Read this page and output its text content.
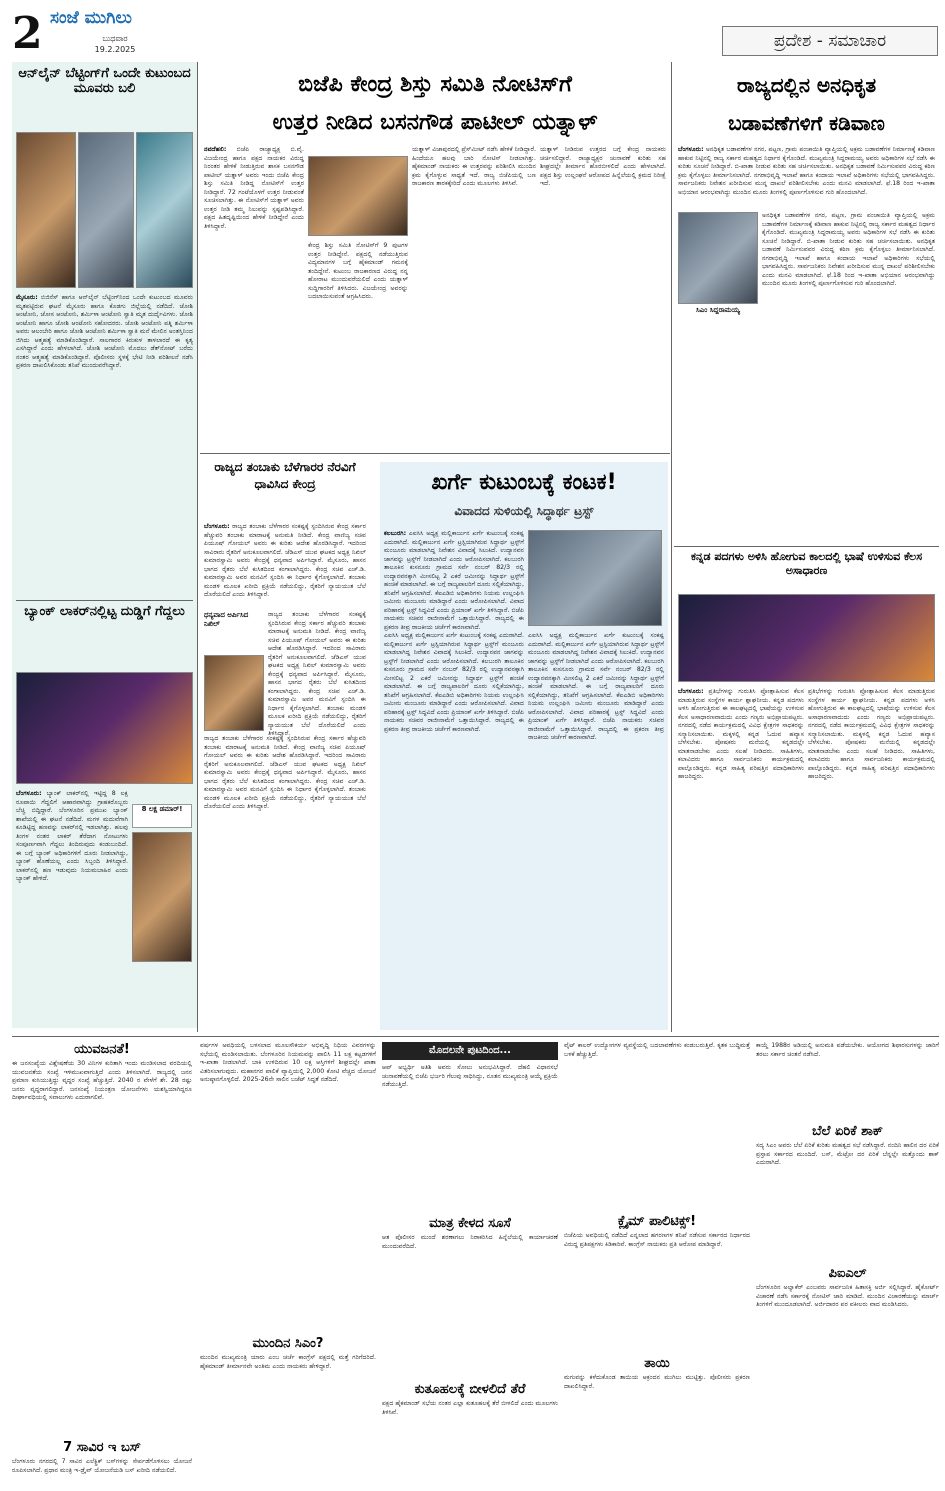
2 ಸಂಜೆ ಮುಗಿಲು
ಬುಧವಾರ
19.2.2025	ಪ್ರದೇಶ - ಸಮಾಚಾರ
ಆನ್‌ಲೈನ್ ಬೆಟ್ಟಿಂಗ್‌ಗೆ ಒಂದೇ ಕುಟುಂಬದ ಮೂವರು ಬಲಿ
ಮೈಸೂರು: ಬಿಜಿನೆಸ್ ಹಾಗೂ ಆನ್‌ಲೈನ್ ಬೆಟ್ಟಿಂಗ್‌ನಿಂದ ಒಂದೇ ಕುಟುಂಬದ ಮೂವರು ಮೃತಪಟ್ಟಿರುವ ಘಟನೆ ಮೈಸೂರು ಹಾಗೂ ಕೊಡಗು ಜಿಲ್ಲೆಯಲ್ಲಿ ನಡೆದಿದೆ. ಜೋಶಿ ಆಂಟೋನಿ, ಜೋಸ ಆಂಟೋನಿ, ಶರ್ಮಿಳಾ ಆಂಟೋನಿ ಸ್ವಾತಿ ಮೃತ ದುರ್ದೈವಿಗಳು. ಜೋಶಿ ಆಂಟೋನಿ ಹಾಗೂ ಜೋಶಿ ಆಂಟೋನಿ ಸಹೋದರರು. ಜೋಶಿ ಆಂಟೋನಿ ಪತ್ನಿ ಶರ್ಮಿಳಾ ಅವರು ಆಲಂಬೇರಿ ಹಾಗೂ ಜೋಶಿ ಆಂಟೋನಿ ಶರ್ಮಿಳಾ ಸ್ವಾತಿ ಮನೆ ಮೇಲಿನ ಅಂತಸ್ತಿನಿಂದ ಜಿಗಿದು ಆತ್ಮಹತ್ಯೆ ಮಾಡಿಕೊಂಡಿದ್ದಾರೆ. ಸಾಲಗಾರರ ಕಿರುಕುಳ ತಾಳಲಾರದೆ ಈ ಕೃತ್ಯ ಎಸಗಿದ್ದಾರೆ ಎಂದು ಹೇಳಲಾಗಿದೆ. ಜೋಶಿ ಆಂಟೋನಿ ಮೊದಲು ಡೆತ್‌ನೋಟ್ ಬರೆದು ನಂತರ ಆತ್ಮಹತ್ಯೆ ಮಾಡಿಕೊಂಡಿದ್ದಾರೆ. ಪೊಲೀಸರು ಸ್ಥಳಕ್ಕೆ ಭೇಟಿ ನೀಡಿ ಪರಿಶೀಲನೆ ನಡೆಸಿ ಪ್ರಕರಣ ದಾಖಲಿಸಿಕೊಂಡು ತನಿಖೆ ಮುಂದುವರೆಸಿದ್ದಾರೆ.
ಬ್ಯಾಂಕ್ ಲಾಕರ್‌ನಲ್ಲಿಟ್ಟ ದುಡ್ಡಿಗೆ ಗೆದ್ದಲು
ಬೆಂಗಳೂರು: ಬ್ಯಾಂಕ್ ಲಾಕರ್‌ನಲ್ಲಿ ಇಟ್ಟಿದ್ದ 8 ಲಕ್ಷ ರೂಪಾಯಿ ಗೆದ್ದಲಿಗೆ ಆಹಾರವಾಗಿದ್ದು ಗ್ರಾಹಕರೊಬ್ಬರು ಬೆಚ್ಚಿ ಬಿದ್ದಿದ್ದಾರೆ. ಬೆಂಗಳೂರಿನ ಪ್ರಮುಖ ಬ್ಯಾಂಕ್ ಶಾಖೆಯಲ್ಲಿ ಈ ಘಟನೆ ನಡೆದಿದೆ. ಮಗಳ ಮದುವೆಗಾಗಿ ಕೂಡಿಟ್ಟಿದ್ದ ಹಣವನ್ನು ಲಾಕರ್‌ನಲ್ಲಿ ಇಡಲಾಗಿತ್ತು. ಹಲವು ತಿಂಗಳ ನಂತರ ಲಾಕರ್ ತೆರೆದಾಗ ನೋಟುಗಳು ಸಂಪೂರ್ಣವಾಗಿ ಗೆದ್ದಲು ತಿಂದಿರುವುದು ಕಂಡುಬಂದಿದೆ. ಈ ಬಗ್ಗೆ ಬ್ಯಾಂಕ್ ಅಧಿಕಾರಿಗಳಿಗೆ ದೂರು ನೀಡಲಾಗಿದ್ದು, ಬ್ಯಾಂಕ್ ಹೊಣೆಯಲ್ಲ ಎಂದು ಸಿಬ್ಬಂದಿ ತಿಳಿಸಿದ್ದಾರೆ. ಲಾಕರ್‌ನಲ್ಲಿ ಹಣ ಇಡುವುದು ನಿಯಮಬಾಹಿರ ಎಂದು ಬ್ಯಾಂಕ್ ಹೇಳಿದೆ.
8 ಲಕ್ಷ ಡಮಾರ್!
ಬಿಜೆಪಿ ಕೇಂದ್ರ ಶಿಸ್ತು ಸಮಿತಿ ನೋಟಿಸ್‌ಗೆ
ಉತ್ತರ ನೀಡಿದ ಬಸನಗೌಡ ಪಾಟೀಲ್ ಯತ್ನಾಳ್
ನವದೆಹಲಿ: ಬಿಜೆಪಿ ರಾಜ್ಯಾಧ್ಯಕ್ಷ ಬಿ.ವೈ. ವಿಜಯೇಂದ್ರ ಹಾಗೂ ಪಕ್ಷದ ನಾಯಕರ ವಿರುದ್ಧ ನಿರಂತರ ಹೇಳಿಕೆ ನೀಡುತ್ತಿರುವ ಶಾಸಕ ಬಸನಗೌಡ ಪಾಟೀಲ್ ಯತ್ನಾಳ್ ಅವರು ಇಂದು ಬಿಜೆಪಿ ಕೇಂದ್ರ ಶಿಸ್ತು ಸಮಿತಿ ನೀಡಿದ್ದ ನೋಟಿಸ್‌ಗೆ ಉತ್ತರ ನೀಡಿದ್ದಾರೆ. 72 ಗಂಟೆಯೊಳಗೆ ಉತ್ತರ ನೀಡುವಂತೆ ಸೂಚಿಸಲಾಗಿತ್ತು. ಈ ನೋಟಿಸ್‌ಗೆ ಯತ್ನಾಳ್ ಅವರು ಉತ್ತರ ನೀಡಿ ತಮ್ಮ ನಿಲುವನ್ನು ಸ್ಪಷ್ಟಪಡಿಸಿದ್ದಾರೆ. ಪಕ್ಷದ ಹಿತದೃಷ್ಟಿಯಿಂದ ಹೇಳಿಕೆ ನೀಡಿದ್ದೇನೆ ಎಂದು ತಿಳಿಸಿದ್ದಾರೆ.
ಕೇಂದ್ರ ಶಿಸ್ತು ಸಮಿತಿ ನೋಟಿಸ್‌ಗೆ 9 ಪುಟಗಳ ಉತ್ತರ ನೀಡಿದ್ದೇನೆ. ಪಕ್ಷದಲ್ಲಿ ನಡೆಯುತ್ತಿರುವ ವಿದ್ಯಮಾನಗಳ ಬಗ್ಗೆ ಹೈಕಮಾಂಡ್ ಗಮನಕ್ಕೆ ತಂದಿದ್ದೇನೆ. ಕುಟುಂಬ ರಾಜಕಾರಣದ ವಿರುದ್ಧ ನನ್ನ ಹೋರಾಟ ಮುಂದುವರೆಯಲಿದೆ ಎಂದು ಯತ್ನಾಳ್ ಸುದ್ದಿಗಾರರಿಗೆ ತಿಳಿಸಿದರು. ವಿಜಯೇಂದ್ರ ಅವರನ್ನು ಬದಲಾಯಿಸುವಂತೆ ಆಗ್ರಹಿಸಿದರು.
ಯತ್ನಾಳ್ ವಿಜಾಪುರದಲ್ಲಿ ಪ್ರೆಸ್‌ಮೀಟ್ ನಡೆಸಿ ಹೇಳಿಕೆ ನೀಡಿದ್ದಾರೆ. ಹಿಂದೆಯೂ ಹಲವು ಬಾರಿ ನೋಟಿಸ್ ನೀಡಲಾಗಿತ್ತು. ಹೈಕಮಾಂಡ್ ನಾಯಕರು ಈ ಉತ್ತರವನ್ನು ಪರಿಶೀಲಿಸಿ ಮುಂದಿನ ಕ್ರಮ ಕೈಗೊಳ್ಳುವ ಸಾಧ್ಯತೆ ಇದೆ. ರಾಜ್ಯ ಬಿಜೆಪಿಯಲ್ಲಿ ಬಣ ರಾಜಕಾರಣ ತಾರಕಕ್ಕೇರಿದೆ ಎಂದು ಮೂಲಗಳು ತಿಳಿಸಿವೆ.
ಯತ್ನಾಳ್ ನೀಡಿರುವ ಉತ್ತರದ ಬಗ್ಗೆ ಕೇಂದ್ರ ನಾಯಕರು ಚರ್ಚಿಸಲಿದ್ದಾರೆ. ರಾಜ್ಯಾಧ್ಯಕ್ಷರ ಚುನಾವಣೆ ಕುರಿತು ಸಹ ಶೀಘ್ರದಲ್ಲೇ ತೀರ್ಮಾನ ಹೊರಬೀಳಲಿದೆ ಎಂದು ಹೇಳಲಾಗಿದೆ. ಪಕ್ಷದ ಶಿಸ್ತು ಉಲ್ಲಂಘನೆ ಆರೋಪದ ಹಿನ್ನೆಲೆಯಲ್ಲಿ ಕ್ರಮದ ನಿರೀಕ್ಷೆ ಇದೆ.
ರಾಜ್ಯದಲ್ಲಿನ ಅನಧಿಕೃತ
ಬಡಾವಣೆಗಳಿಗೆ ಕಡಿವಾಣ
ಸಿಎಂ ಸಿದ್ದರಾಮಯ್ಯ
ಬೆಂಗಳೂರು: ಅನಧಿಕೃತ ಬಡಾವಣೆಗಳ ನಗರ, ಪಟ್ಟಣ, ಗ್ರಾಮ ಪಂಚಾಯಿತಿ ವ್ಯಾಪ್ತಿಯಲ್ಲಿ ಅಕ್ರಮ ಬಡಾವಣೆಗಳ ನಿರ್ಮಾಣಕ್ಕೆ ಕಡಿವಾಣ ಹಾಕುವ ನಿಟ್ಟಿನಲ್ಲಿ ರಾಜ್ಯ ಸರ್ಕಾರ ಮಹತ್ವದ ನಿರ್ಧಾರ ಕೈಗೊಂಡಿದೆ. ಮುಖ್ಯಮಂತ್ರಿ ಸಿದ್ದರಾಮಯ್ಯ ಅವರು ಅಧಿಕಾರಿಗಳ ಸಭೆ ನಡೆಸಿ ಈ ಕುರಿತು ಸೂಚನೆ ನೀಡಿದ್ದಾರೆ. ಬಿ-ಖಾತಾ ನೀಡುವ ಕುರಿತು ಸಹ ಚರ್ಚಿಸಲಾಯಿತು. ಅನಧಿಕೃತ ಬಡಾವಣೆ ನಿರ್ಮಿಸುವವರ ವಿರುದ್ಧ ಕಠಿಣ ಕ್ರಮ ಕೈಗೊಳ್ಳಲು ತೀರ್ಮಾನಿಸಲಾಗಿದೆ. ನಗರಾಭಿವೃದ್ಧಿ ಇಲಾಖೆ ಹಾಗೂ ಕಂದಾಯ ಇಲಾಖೆ ಅಧಿಕಾರಿಗಳು ಸಭೆಯಲ್ಲಿ ಭಾಗವಹಿಸಿದ್ದರು. ಸಾರ್ವಜನಿಕರು ನಿವೇಶನ ಖರೀದಿಸುವ ಮುನ್ನ ದಾಖಲೆ ಪರಿಶೀಲಿಸಬೇಕು ಎಂದು ಮನವಿ ಮಾಡಲಾಗಿದೆ. ಫೆ.18 ರಿಂದ ಇ-ಖಾತಾ ಅಭಿಯಾನ ಆರಂಭವಾಗಿದ್ದು ಮುಂದಿನ ಮೂರು ತಿಂಗಳಲ್ಲಿ ಪೂರ್ಣಗೊಳಿಸುವ ಗುರಿ ಹೊಂದಲಾಗಿದೆ.
ಅನಧಿಕೃತ ಬಡಾವಣೆಗಳ ನಗರ, ಪಟ್ಟಣ, ಗ್ರಾಮ ಪಂಚಾಯಿತಿ ವ್ಯಾಪ್ತಿಯಲ್ಲಿ ಅಕ್ರಮ ಬಡಾವಣೆಗಳ ನಿರ್ಮಾಣಕ್ಕೆ ಕಡಿವಾಣ ಹಾಕುವ ನಿಟ್ಟಿನಲ್ಲಿ ರಾಜ್ಯ ಸರ್ಕಾರ ಮಹತ್ವದ ನಿರ್ಧಾರ ಕೈಗೊಂಡಿದೆ. ಮುಖ್ಯಮಂತ್ರಿ ಸಿದ್ದರಾಮಯ್ಯ ಅವರು ಅಧಿಕಾರಿಗಳ ಸಭೆ ನಡೆಸಿ ಈ ಕುರಿತು ಸೂಚನೆ ನೀಡಿದ್ದಾರೆ. ಬಿ-ಖಾತಾ ನೀಡುವ ಕುರಿತು ಸಹ ಚರ್ಚಿಸಲಾಯಿತು. ಅನಧಿಕೃತ ಬಡಾವಣೆ ನಿರ್ಮಿಸುವವರ ವಿರುದ್ಧ ಕಠಿಣ ಕ್ರಮ ಕೈಗೊಳ್ಳಲು ತೀರ್ಮಾನಿಸಲಾಗಿದೆ. ನಗರಾಭಿವೃದ್ಧಿ ಇಲಾಖೆ ಹಾಗೂ ಕಂದಾಯ ಇಲಾಖೆ ಅಧಿಕಾರಿಗಳು ಸಭೆಯಲ್ಲಿ ಭಾಗವಹಿಸಿದ್ದರು. ಸಾರ್ವಜನಿಕರು ನಿವೇಶನ ಖರೀದಿಸುವ ಮುನ್ನ ದಾಖಲೆ ಪರಿಶೀಲಿಸಬೇಕು ಎಂದು ಮನವಿ ಮಾಡಲಾಗಿದೆ. ಫೆ.18 ರಿಂದ ಇ-ಖಾತಾ ಅಭಿಯಾನ ಆರಂಭವಾಗಿದ್ದು ಮುಂದಿನ ಮೂರು ತಿಂಗಳಲ್ಲಿ ಪೂರ್ಣಗೊಳಿಸುವ ಗುರಿ ಹೊಂದಲಾಗಿದೆ.
ರಾಜ್ಯದ ತಂಬಾಕು ಬೆಳೆಗಾರರ ನೆರವಿಗೆ ಧಾವಿಸಿದ ಕೇಂದ್ರ
ಧನ್ಯವಾದ ಅರ್ಪಿಸಿದ ನಿಖಿಲ್
ಬೆಂಗಳೂರು: ರಾಜ್ಯದ ತಂಬಾಕು ಬೆಳೆಗಾರರ ಸಂಕಷ್ಟಕ್ಕೆ ಸ್ಪಂದಿಸಿರುವ ಕೇಂದ್ರ ಸರ್ಕಾರ ಹೆಚ್ಚುವರಿ ತಂಬಾಕು ಮಾರಾಟಕ್ಕೆ ಅನುಮತಿ ನೀಡಿದೆ. ಕೇಂದ್ರ ವಾಣಿಜ್ಯ ಸಚಿವ ಪಿಯೂಷ್ ಗೋಯಲ್ ಅವರು ಈ ಕುರಿತು ಆದೇಶ ಹೊರಡಿಸಿದ್ದಾರೆ. ಇದರಿಂದ ಸಾವಿರಾರು ರೈತರಿಗೆ ಅನುಕೂಲವಾಗಲಿದೆ. ಜೆಡಿಎಸ್ ಯುವ ಘಟಕದ ಅಧ್ಯಕ್ಷ ನಿಖಿಲ್ ಕುಮಾರಸ್ವಾಮಿ ಅವರು ಕೇಂದ್ರಕ್ಕೆ ಧನ್ಯವಾದ ಅರ್ಪಿಸಿದ್ದಾರೆ. ಮೈಸೂರು, ಹಾಸನ ಭಾಗದ ರೈತರು ಬೆಲೆ ಕುಸಿತದಿಂದ ಕಂಗಾಲಾಗಿದ್ದರು. ಕೇಂದ್ರ ಸಚಿವ ಎಚ್.ಡಿ. ಕುಮಾರಸ್ವಾಮಿ ಅವರ ಮನವಿಗೆ ಸ್ಪಂದಿಸಿ ಈ ನಿರ್ಧಾರ ಕೈಗೊಳ್ಳಲಾಗಿದೆ. ತಂಬಾಕು ಮಂಡಳಿ ಮೂಲಕ ಖರೀದಿ ಪ್ರಕ್ರಿಯೆ ನಡೆಯಲಿದ್ದು, ರೈತರಿಗೆ ನ್ಯಾಯಯುತ ಬೆಲೆ ದೊರೆಯಲಿದೆ ಎಂದು ತಿಳಿಸಿದ್ದಾರೆ.
ರಾಜ್ಯದ ತಂಬಾಕು ಬೆಳೆಗಾರರ ಸಂಕಷ್ಟಕ್ಕೆ ಸ್ಪಂದಿಸಿರುವ ಕೇಂದ್ರ ಸರ್ಕಾರ ಹೆಚ್ಚುವರಿ ತಂಬಾಕು ಮಾರಾಟಕ್ಕೆ ಅನುಮತಿ ನೀಡಿದೆ. ಕೇಂದ್ರ ವಾಣಿಜ್ಯ ಸಚಿವ ಪಿಯೂಷ್ ಗೋಯಲ್ ಅವರು ಈ ಕುರಿತು ಆದೇಶ ಹೊರಡಿಸಿದ್ದಾರೆ. ಇದರಿಂದ ಸಾವಿರಾರು ರೈತರಿಗೆ ಅನುಕೂಲವಾಗಲಿದೆ. ಜೆಡಿಎಸ್ ಯುವ ಘಟಕದ ಅಧ್ಯಕ್ಷ ನಿಖಿಲ್ ಕುಮಾರಸ್ವಾಮಿ ಅವರು ಕೇಂದ್ರಕ್ಕೆ ಧನ್ಯವಾದ ಅರ್ಪಿಸಿದ್ದಾರೆ. ಮೈಸೂರು, ಹಾಸನ ಭಾಗದ ರೈತರು ಬೆಲೆ ಕುಸಿತದಿಂದ ಕಂಗಾಲಾಗಿದ್ದರು. ಕೇಂದ್ರ ಸಚಿವ ಎಚ್.ಡಿ. ಕುಮಾರಸ್ವಾಮಿ ಅವರ ಮನವಿಗೆ ಸ್ಪಂದಿಸಿ ಈ ನಿರ್ಧಾರ ಕೈಗೊಳ್ಳಲಾಗಿದೆ. ತಂಬಾಕು ಮಂಡಳಿ ಮೂಲಕ ಖರೀದಿ ಪ್ರಕ್ರಿಯೆ ನಡೆಯಲಿದ್ದು, ರೈತರಿಗೆ ನ್ಯಾಯಯುತ ಬೆಲೆ ದೊರೆಯಲಿದೆ ಎಂದು ತಿಳಿಸಿದ್ದಾರೆ.
ರಾಜ್ಯದ ತಂಬಾಕು ಬೆಳೆಗಾರರ ಸಂಕಷ್ಟಕ್ಕೆ ಸ್ಪಂದಿಸಿರುವ ಕೇಂದ್ರ ಸರ್ಕಾರ ಹೆಚ್ಚುವರಿ ತಂಬಾಕು ಮಾರಾಟಕ್ಕೆ ಅನುಮತಿ ನೀಡಿದೆ. ಕೇಂದ್ರ ವಾಣಿಜ್ಯ ಸಚಿವ ಪಿಯೂಷ್ ಗೋಯಲ್ ಅವರು ಈ ಕುರಿತು ಆದೇಶ ಹೊರಡಿಸಿದ್ದಾರೆ. ಇದರಿಂದ ಸಾವಿರಾರು ರೈತರಿಗೆ ಅನುಕೂಲವಾಗಲಿದೆ. ಜೆಡಿಎಸ್ ಯುವ ಘಟಕದ ಅಧ್ಯಕ್ಷ ನಿಖಿಲ್ ಕುಮಾರಸ್ವಾಮಿ ಅವರು ಕೇಂದ್ರಕ್ಕೆ ಧನ್ಯವಾದ ಅರ್ಪಿಸಿದ್ದಾರೆ. ಮೈಸೂರು, ಹಾಸನ ಭಾಗದ ರೈತರು ಬೆಲೆ ಕುಸಿತದಿಂದ ಕಂಗಾಲಾಗಿದ್ದರು. ಕೇಂದ್ರ ಸಚಿವ ಎಚ್.ಡಿ. ಕುಮಾರಸ್ವಾಮಿ ಅವರ ಮನವಿಗೆ ಸ್ಪಂದಿಸಿ ಈ ನಿರ್ಧಾರ ಕೈಗೊಳ್ಳಲಾಗಿದೆ. ತಂಬಾಕು ಮಂಡಳಿ ಮೂಲಕ ಖರೀದಿ ಪ್ರಕ್ರಿಯೆ ನಡೆಯಲಿದ್ದು, ರೈತರಿಗೆ ನ್ಯಾಯಯುತ ಬೆಲೆ ದೊರೆಯಲಿದೆ ಎಂದು ತಿಳಿಸಿದ್ದಾರೆ.
ಖರ್ಗೆ ಕುಟುಂಬಕ್ಕೆ ಕಂಟಕ!
ವಿವಾದದ ಸುಳಿಯಲ್ಲಿ ಸಿದ್ಧಾರ್ಥ ಟ್ರಸ್ಟ್
ಕಲಬುರಗಿ: ಎಐಸಿಸಿ ಅಧ್ಯಕ್ಷ ಮಲ್ಲಿಕಾರ್ಜುನ ಖರ್ಗೆ ಕುಟುಂಬಕ್ಕೆ ಸಂಕಷ್ಟ ಎದುರಾಗಿದೆ. ಮಲ್ಲಿಕಾರ್ಜುನ ಖರ್ಗೆ ಟ್ರಸ್ಟಿಯಾಗಿರುವ ಸಿದ್ಧಾರ್ಥ ಟ್ರಸ್ಟ್‌ಗೆ ಮಂಜೂರು ಮಾಡಲಾಗಿದ್ದ ನಿವೇಶನ ವಿವಾದಕ್ಕೆ ಸಿಲುಕಿದೆ. ಉದ್ಯಾನವನ ಜಾಗವನ್ನು ಟ್ರಸ್ಟ್‌ಗೆ ನೀಡಲಾಗಿದೆ ಎಂದು ಆರೋಪಿಸಲಾಗಿದೆ. ಕಲಬುರಗಿ ತಾಲೂಕಿನ ಕುಸನೂರು ಗ್ರಾಮದ ಸರ್ವೆ ನಂಬರ್ 82/3 ರಲ್ಲಿ ಉದ್ಯಾನವನಕ್ಕಾಗಿ ಮೀಸಲಿಟ್ಟ 2 ಎಕರೆ ಜಮೀನನ್ನು ಸಿದ್ಧಾರ್ಥ ಟ್ರಸ್ಟ್‌ಗೆ ಹಂಚಿಕೆ ಮಾಡಲಾಗಿದೆ. ಈ ಬಗ್ಗೆ ರಾಜ್ಯಪಾಲರಿಗೆ ದೂರು ಸಲ್ಲಿಕೆಯಾಗಿದ್ದು, ತನಿಖೆಗೆ ಆಗ್ರಹಿಸಲಾಗಿದೆ. ಕೆಐಎಡಿಬಿ ಅಧಿಕಾರಿಗಳು ನಿಯಮ ಉಲ್ಲಂಘಿಸಿ ಜಮೀನು ಮಂಜೂರು ಮಾಡಿದ್ದಾರೆ ಎಂದು ಆರೋಪಿಸಲಾಗಿದೆ. ವಿವಾದ ಪರಿಹಾರಕ್ಕೆ ಟ್ರಸ್ಟ್ ಸಿದ್ಧವಿದೆ ಎಂದು ಪ್ರಿಯಾಂಕ್ ಖರ್ಗೆ ತಿಳಿಸಿದ್ದಾರೆ. ಬಿಜೆಪಿ ನಾಯಕರು ಸಚಿವರ ರಾಜೀನಾಮೆಗೆ ಒತ್ತಾಯಿಸಿದ್ದಾರೆ. ರಾಜ್ಯದಲ್ಲಿ ಈ ಪ್ರಕರಣ ತೀವ್ರ ರಾಜಕೀಯ ಚರ್ಚೆಗೆ ಕಾರಣವಾಗಿದೆ.
ಎಐಸಿಸಿ ಅಧ್ಯಕ್ಷ ಮಲ್ಲಿಕಾರ್ಜುನ ಖರ್ಗೆ ಕುಟುಂಬಕ್ಕೆ ಸಂಕಷ್ಟ ಎದುರಾಗಿದೆ. ಮಲ್ಲಿಕಾರ್ಜುನ ಖರ್ಗೆ ಟ್ರಸ್ಟಿಯಾಗಿರುವ ಸಿದ್ಧಾರ್ಥ ಟ್ರಸ್ಟ್‌ಗೆ ಮಂಜೂರು ಮಾಡಲಾಗಿದ್ದ ನಿವೇಶನ ವಿವಾದಕ್ಕೆ ಸಿಲುಕಿದೆ. ಉದ್ಯಾನವನ ಜಾಗವನ್ನು ಟ್ರಸ್ಟ್‌ಗೆ ನೀಡಲಾಗಿದೆ ಎಂದು ಆರೋಪಿಸಲಾಗಿದೆ. ಕಲಬುರಗಿ ತಾಲೂಕಿನ ಕುಸನೂರು ಗ್ರಾಮದ ಸರ್ವೆ ನಂಬರ್ 82/3 ರಲ್ಲಿ ಉದ್ಯಾನವನಕ್ಕಾಗಿ ಮೀಸಲಿಟ್ಟ 2 ಎಕರೆ ಜಮೀನನ್ನು ಸಿದ್ಧಾರ್ಥ ಟ್ರಸ್ಟ್‌ಗೆ ಹಂಚಿಕೆ ಮಾಡಲಾಗಿದೆ. ಈ ಬಗ್ಗೆ ರಾಜ್ಯಪಾಲರಿಗೆ ದೂರು ಸಲ್ಲಿಕೆಯಾಗಿದ್ದು, ತನಿಖೆಗೆ ಆಗ್ರಹಿಸಲಾಗಿದೆ. ಕೆಐಎಡಿಬಿ ಅಧಿಕಾರಿಗಳು ನಿಯಮ ಉಲ್ಲಂಘಿಸಿ ಜಮೀನು ಮಂಜೂರು ಮಾಡಿದ್ದಾರೆ ಎಂದು ಆರೋಪಿಸಲಾಗಿದೆ. ವಿವಾದ ಪರಿಹಾರಕ್ಕೆ ಟ್ರಸ್ಟ್ ಸಿದ್ಧವಿದೆ ಎಂದು ಪ್ರಿಯಾಂಕ್ ಖರ್ಗೆ ತಿಳಿಸಿದ್ದಾರೆ. ಬಿಜೆಪಿ ನಾಯಕರು ಸಚಿವರ ರಾಜೀನಾಮೆಗೆ ಒತ್ತಾಯಿಸಿದ್ದಾರೆ. ರಾಜ್ಯದಲ್ಲಿ ಈ ಪ್ರಕರಣ ತೀವ್ರ ರಾಜಕೀಯ ಚರ್ಚೆಗೆ ಕಾರಣವಾಗಿದೆ.
ಎಐಸಿಸಿ ಅಧ್ಯಕ್ಷ ಮಲ್ಲಿಕಾರ್ಜುನ ಖರ್ಗೆ ಕುಟುಂಬಕ್ಕೆ ಸಂಕಷ್ಟ ಎದುರಾಗಿದೆ. ಮಲ್ಲಿಕಾರ್ಜುನ ಖರ್ಗೆ ಟ್ರಸ್ಟಿಯಾಗಿರುವ ಸಿದ್ಧಾರ್ಥ ಟ್ರಸ್ಟ್‌ಗೆ ಮಂಜೂರು ಮಾಡಲಾಗಿದ್ದ ನಿವೇಶನ ವಿವಾದಕ್ಕೆ ಸಿಲುಕಿದೆ. ಉದ್ಯಾನವನ ಜಾಗವನ್ನು ಟ್ರಸ್ಟ್‌ಗೆ ನೀಡಲಾಗಿದೆ ಎಂದು ಆರೋಪಿಸಲಾಗಿದೆ. ಕಲಬುರಗಿ ತಾಲೂಕಿನ ಕುಸನೂರು ಗ್ರಾಮದ ಸರ್ವೆ ನಂಬರ್ 82/3 ರಲ್ಲಿ ಉದ್ಯಾನವನಕ್ಕಾಗಿ ಮೀಸಲಿಟ್ಟ 2 ಎಕರೆ ಜಮೀನನ್ನು ಸಿದ್ಧಾರ್ಥ ಟ್ರಸ್ಟ್‌ಗೆ ಹಂಚಿಕೆ ಮಾಡಲಾಗಿದೆ. ಈ ಬಗ್ಗೆ ರಾಜ್ಯಪಾಲರಿಗೆ ದೂರು ಸಲ್ಲಿಕೆಯಾಗಿದ್ದು, ತನಿಖೆಗೆ ಆಗ್ರಹಿಸಲಾಗಿದೆ. ಕೆಐಎಡಿಬಿ ಅಧಿಕಾರಿಗಳು ನಿಯಮ ಉಲ್ಲಂಘಿಸಿ ಜಮೀನು ಮಂಜೂರು ಮಾಡಿದ್ದಾರೆ ಎಂದು ಆರೋಪಿಸಲಾಗಿದೆ. ವಿವಾದ ಪರಿಹಾರಕ್ಕೆ ಟ್ರಸ್ಟ್ ಸಿದ್ಧವಿದೆ ಎಂದು ಪ್ರಿಯಾಂಕ್ ಖರ್ಗೆ ತಿಳಿಸಿದ್ದಾರೆ. ಬಿಜೆಪಿ ನಾಯಕರು ಸಚಿವರ ರಾಜೀನಾಮೆಗೆ ಒತ್ತಾಯಿಸಿದ್ದಾರೆ. ರಾಜ್ಯದಲ್ಲಿ ಈ ಪ್ರಕರಣ ತೀವ್ರ ರಾಜಕೀಯ ಚರ್ಚೆಗೆ ಕಾರಣವಾಗಿದೆ.
ಕನ್ನಡ ಪದಗಳು ಅಳಿಸಿ ಹೋಗುವ ಕಾಲದಲ್ಲಿ ಭಾಷೆ ಉಳಿಸುವ ಕೆಲಸ ಅಸಾಧಾರಣ
ಬೆಂಗಳೂರು: ಪ್ರತಿಭೆಗಳನ್ನು ಗುರುತಿಸಿ ಪ್ರೋತ್ಸಾಹಿಸುವ ಕೆಲಸ ಮಾಡುತ್ತಿರುವ ಸಂಸ್ಥೆಗಳ ಕಾರ್ಯ ಶ್ಲಾಘನೀಯ. ಕನ್ನಡ ಪದಗಳು ಅಳಿಸಿ ಹೋಗುತ್ತಿರುವ ಈ ಕಾಲಘಟ್ಟದಲ್ಲಿ ಭಾಷೆಯನ್ನು ಉಳಿಸುವ ಕೆಲಸ ಅಸಾಧಾರಣವಾದುದು ಎಂದು ಗಣ್ಯರು ಅಭಿಪ್ರಾಯಪಟ್ಟರು. ನಗರದಲ್ಲಿ ನಡೆದ ಕಾರ್ಯಕ್ರಮದಲ್ಲಿ ವಿವಿಧ ಕ್ಷೇತ್ರಗಳ ಸಾಧಕರನ್ನು ಸನ್ಮಾನಿಸಲಾಯಿತು. ಮಕ್ಕಳಲ್ಲಿ ಕನ್ನಡ ಓದುವ ಹವ್ಯಾಸ ಬೆಳೆಸಬೇಕು. ಪೋಷಕರು ಮನೆಯಲ್ಲಿ ಕನ್ನಡದಲ್ಲೇ ಮಾತನಾಡಬೇಕು ಎಂದು ಸಲಹೆ ನೀಡಿದರು. ಸಾಹಿತಿಗಳು, ಕಲಾವಿದರು ಹಾಗೂ ಸಾರ್ವಜನಿಕರು ಕಾರ್ಯಕ್ರಮದಲ್ಲಿ ಪಾಲ್ಗೊಂಡಿದ್ದರು. ಕನ್ನಡ ಸಾಹಿತ್ಯ ಪರಿಷತ್ತಿನ ಪದಾಧಿಕಾರಿಗಳು ಹಾಜರಿದ್ದರು.
ಪ್ರತಿಭೆಗಳನ್ನು ಗುರುತಿಸಿ ಪ್ರೋತ್ಸಾಹಿಸುವ ಕೆಲಸ ಮಾಡುತ್ತಿರುವ ಸಂಸ್ಥೆಗಳ ಕಾರ್ಯ ಶ್ಲಾಘನೀಯ. ಕನ್ನಡ ಪದಗಳು ಅಳಿಸಿ ಹೋಗುತ್ತಿರುವ ಈ ಕಾಲಘಟ್ಟದಲ್ಲಿ ಭಾಷೆಯನ್ನು ಉಳಿಸುವ ಕೆಲಸ ಅಸಾಧಾರಣವಾದುದು ಎಂದು ಗಣ್ಯರು ಅಭಿಪ್ರಾಯಪಟ್ಟರು. ನಗರದಲ್ಲಿ ನಡೆದ ಕಾರ್ಯಕ್ರಮದಲ್ಲಿ ವಿವಿಧ ಕ್ಷೇತ್ರಗಳ ಸಾಧಕರನ್ನು ಸನ್ಮಾನಿಸಲಾಯಿತು. ಮಕ್ಕಳಲ್ಲಿ ಕನ್ನಡ ಓದುವ ಹವ್ಯಾಸ ಬೆಳೆಸಬೇಕು. ಪೋಷಕರು ಮನೆಯಲ್ಲಿ ಕನ್ನಡದಲ್ಲೇ ಮಾತನಾಡಬೇಕು ಎಂದು ಸಲಹೆ ನೀಡಿದರು. ಸಾಹಿತಿಗಳು, ಕಲಾವಿದರು ಹಾಗೂ ಸಾರ್ವಜನಿಕರು ಕಾರ್ಯಕ್ರಮದಲ್ಲಿ ಪಾಲ್ಗೊಂಡಿದ್ದರು. ಕನ್ನಡ ಸಾಹಿತ್ಯ ಪರಿಷತ್ತಿನ ಪದಾಧಿಕಾರಿಗಳು ಹಾಜರಿದ್ದರು.
ಯುವಜನತೆ!
ಈ ಜನಸಂಖ್ಯೆಯ ವಿಶ್ಲೇಷಣೆಯ 30 ವಿನಿಗಳ ಕುರಿತಾಗಿ ಇಂದು ಮಂಡಿಸಲಾದ ವರದಿಯಲ್ಲಿ ಯುವಜನತೆಯ ಸಂಖ್ಯೆ ಇಳಿಮುಖವಾಗುತ್ತಿದೆ ಎಂದು ತಿಳಿಸಲಾಗಿದೆ. ರಾಜ್ಯದಲ್ಲಿ ಜನನ ಪ್ರಮಾಣ ಕುಸಿಯುತ್ತಿದ್ದು ವೃದ್ಧರ ಸಂಖ್ಯೆ ಹೆಚ್ಚುತ್ತಿದೆ. 2040 ರ ವೇಳೆಗೆ ಶೇ. 28 ರಷ್ಟು ಜನರು ವೃದ್ಧರಾಗಲಿದ್ದಾರೆ. ಜನಸಂಖ್ಯೆ ನಿಯಂತ್ರಣ ಯೋಜನೆಗಳು ಯಶಸ್ವಿಯಾಗಿದ್ದರೂ ದೀರ್ಘಾವಧಿಯಲ್ಲಿ ಸವಾಲುಗಳು ಎದುರಾಗಲಿವೆ.
7 ಸಾವಿರ ಇ ಬಸ್
ಬೆಂಗಳೂರು ನಗರದಲ್ಲಿ 7 ಸಾವಿರ ಎಲೆಕ್ಟ್ರಿಕ್ ಬಸ್‌ಗಳನ್ನು ಸೇರ್ಪಡೆಗೊಳಿಸಲು ಯೋಜನೆ ರೂಪಿಸಲಾಗಿದೆ. ಪ್ರಧಾನ ಮಂತ್ರಿ ಇ-ಡ್ರೈವ್ ಯೋಜನೆಯಡಿ ಬಸ್ ಖರೀದಿ ನಡೆಯಲಿದೆ.
ವರ್ಷಗಳ ಅವಧಿಯಲ್ಲಿ ಬಳಸಲಾದ ಮೂಲಸೌಕರ್ಯ ಅಭಿವೃದ್ಧಿ ನಿಧಿಯ ವಿವರಗಳನ್ನು ಸಭೆಯಲ್ಲಿ ಮಂಡಿಸಲಾಯಿತು. ಬೆಂಗಳೂರಿನ ನಿಯಮವನ್ನು ಪಾಲಿಸಿ 11 ಲಕ್ಷ ಕಟ್ಟಡಗಳಿಗೆ ಇ-ಖಾತಾ ನೀಡಲಾಗಿದೆ. ಬಾಕಿ ಉಳಿದಿರುವ 10 ಲಕ್ಷ ಆಸ್ತಿಗಳಿಗೆ ಶೀಘ್ರದಲ್ಲೇ ಖಾತಾ ವಿತರಿಸಲಾಗುವುದು. ಮಹಾನಗರ ಪಾಲಿಕೆ ವ್ಯಾಪ್ತಿಯಲ್ಲಿ 2,000 ಕೋಟಿ ವೆಚ್ಚದ ಯೋಜನೆ ಅನುಷ್ಠಾನಗೊಳ್ಳಲಿದೆ. 2025-26ನೇ ಸಾಲಿನ ಬಜೆಟ್ ಸಿದ್ಧತೆ ನಡೆದಿದೆ.
ಮುಂದಿನ ಸಿಎಂ?
ಮುಂದಿನ ಮುಖ್ಯಮಂತ್ರಿ ಯಾರು ಎಂಬ ಚರ್ಚೆ ಕಾಂಗ್ರೆಸ್ ಪಕ್ಷದಲ್ಲಿ ಮತ್ತೆ ಗರಿಗೆದರಿದೆ. ಹೈಕಮಾಂಡ್ ತೀರ್ಮಾನವೇ ಅಂತಿಮ ಎಂದು ನಾಯಕರು ಹೇಳಿದ್ದಾರೆ.
ಮೊದಲನೇ ಪುಟದಿಂದ...
ಆಪ್ ಅಭ್ಯರ್ಥಿ ಅತಿಶಿ ಅವರು ಸೋಲು ಅನುಭವಿಸಿದ್ದಾರೆ. ದೆಹಲಿ ವಿಧಾನಸಭೆ ಚುನಾವಣೆಯಲ್ಲಿ ಬಿಜೆಪಿ ಭರ್ಜರಿ ಗೆಲುವು ಸಾಧಿಸಿದ್ದು, ನೂತನ ಮುಖ್ಯಮಂತ್ರಿ ಆಯ್ಕೆ ಪ್ರಕ್ರಿಯೆ ನಡೆಯುತ್ತಿದೆ.
ಮಾತ್ರ ಕೇಳದ ಸೂಸೆ
ಆತ ಪೊಲೀಸರ ಮುಂದೆ ಶರಣಾಗಲು ನಿರಾಕರಿಸಿದ ಹಿನ್ನೆಲೆಯಲ್ಲಿ ಕಾರ್ಯಾಚರಣೆ ಮುಂದುವರೆದಿದೆ.
ಕುತೂಹಲಕ್ಕೆ ಬೀಳಲಿದೆ ತೆರೆ
ಪಕ್ಷದ ಹೈಕಮಾಂಡ್ ಸಭೆಯ ನಂತರ ಎಲ್ಲಾ ಕುತೂಹಲಕ್ಕೆ ತೆರೆ ಬೀಳಲಿದೆ ಎಂದು ಮೂಲಗಳು ತಿಳಿಸಿವೆ.
ವೈಟ್ ಕಾಲರ್ ಉದ್ಯೋಗಗಳ ವ್ಯವಸ್ಥೆಯಲ್ಲಿ ಬದಲಾವಣೆಗಳು ಕಂಡುಬರುತ್ತಿವೆ. ಕೃತಕ ಬುದ್ಧಿಮತ್ತೆ ಬಳಕೆ ಹೆಚ್ಚುತ್ತಿದೆ.
ಕ್ಲೈಮ್ ಪಾಲಿಟಿಕ್ಸ್!
ಬಿಜೆಪಿಯ ಅವಧಿಯಲ್ಲಿ ನಡೆದಿದೆ ಎನ್ನಲಾದ ಹಗರಣಗಳ ತನಿಖೆ ನಡೆಸುವ ಸರ್ಕಾರದ ನಿರ್ಧಾರದ ವಿರುದ್ಧ ಪ್ರತಿಪಕ್ಷಗಳು ಕಿಡಿಕಾರಿವೆ. ಕಾಂಗ್ರೆಸ್ ನಾಯಕರು ಪ್ರತಿ ಆರೋಪ ಮಾಡಿದ್ದಾರೆ.
ತಾಯಿ
ಮಗುವನ್ನು ಕಳೆದುಕೊಂಡ ತಾಯಿಯ ಆಕ್ರಂದನ ಮುಗಿಲು ಮುಟ್ಟಿತ್ತು. ಪೊಲೀಸರು ಪ್ರಕರಣ ದಾಖಲಿಸಿದ್ದಾರೆ.
ಕಾಯ್ದೆ 1988ರ ಅಡಿಯಲ್ಲಿ ಅನುಮತಿ ಪಡೆಯಬೇಕು. ಆಯೋಗದ ಶಿಫಾರಸುಗಳನ್ನು ಜಾರಿಗೆ ತರಲು ಸರ್ಕಾರ ಚಿಂತನೆ ನಡೆಸಿದೆ.
ಬೆಲೆ ಏರಿಕೆ ಶಾಕ್
ಸದ್ಯ ಸಿಎಂ ಅವರು ಬೆಲೆ ಏರಿಕೆ ಕುರಿತು ಮಹತ್ವದ ಸಭೆ ನಡೆಸಿದ್ದಾರೆ. ನಂದಿನಿ ಹಾಲಿನ ದರ ಏರಿಕೆ ಪ್ರಸ್ತಾಪ ಸರ್ಕಾರದ ಮುಂದಿದೆ. ಬಸ್, ಮೆಟ್ರೋ ದರ ಏರಿಕೆ ಬೆನ್ನಲ್ಲೇ ಮತ್ತೊಂದು ಶಾಕ್ ಎದುರಾಗಿದೆ.
ಪಿಐಎಲ್
ಬೆಂಗಳೂರಿನ ಅಲ್ವಾಕೆರ್ ಎಂಬವರು ಸಾರ್ವಜನಿಕ ಹಿತಾಸಕ್ತಿ ಅರ್ಜಿ ಸಲ್ಲಿಸಿದ್ದಾರೆ. ಹೈಕೋರ್ಟ್ ವಿಚಾರಣೆ ನಡೆಸಿ ಸರ್ಕಾರಕ್ಕೆ ನೋಟಿಸ್ ಜಾರಿ ಮಾಡಿದೆ. ಮುಂದಿನ ವಿಚಾರಣೆಯನ್ನು ಮಾರ್ಚ್ ತಿಂಗಳಿಗೆ ಮುಂದೂಡಲಾಗಿದೆ. ಅರ್ಜಿದಾರರ ಪರ ವಕೀಲರು ವಾದ ಮಂಡಿಸಿದರು.
